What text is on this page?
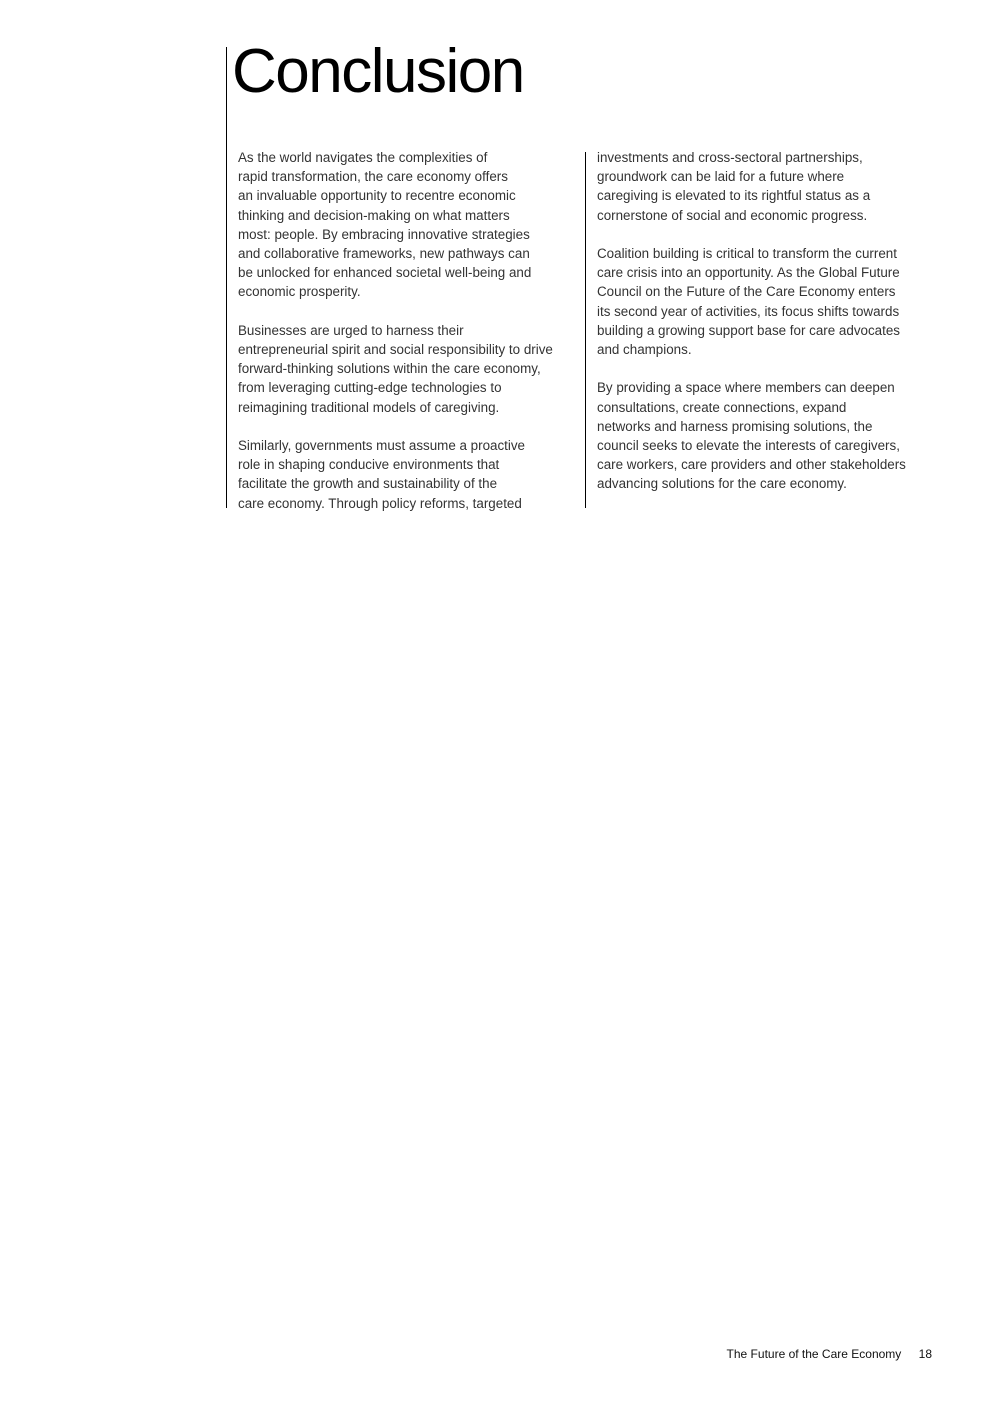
Conclusion

As the world navigates the complexities of
rapid transformation, the care economy offers
an invaluable opportunity to recentre economic
thinking and decision-making on what matters
most: people. By embracing innovative strategies
and collaborative frameworks, new pathways can
be unlocked for enhanced societal well-being and
economic prosperity.

Businesses are urged to harness their
entrepreneurial spirit and social responsibility to drive
forward-thinking solutions within the care economy,
from leveraging cutting-edge technologies to
reimagining traditional models of caregiving.

Similarly, governments must assume a proactive
role in shaping conducive environments that
facilitate the growth and sustainability of the
care economy. Through policy reforms, targeted

investments and cross-sectoral partnerships,
groundwork can be laid for a future where
caregiving is elevated to its rightful status as a
cornerstone of social and economic progress.

Coalition building is critical to transform the current
care crisis into an opportunity. As the Global Future
Council on the Future of the Care Economy enters
its second year of activities, its focus shifts towards
building a growing support base for care advocates
and champions.

By providing a space where members can deepen
consultations, create connections, expand
networks and harness promising solutions, the
council seeks to elevate the interests of caregivers,
care workers, care providers and other stakeholders
advancing solutions for the care economy.

The Future of the Care Economy 18
